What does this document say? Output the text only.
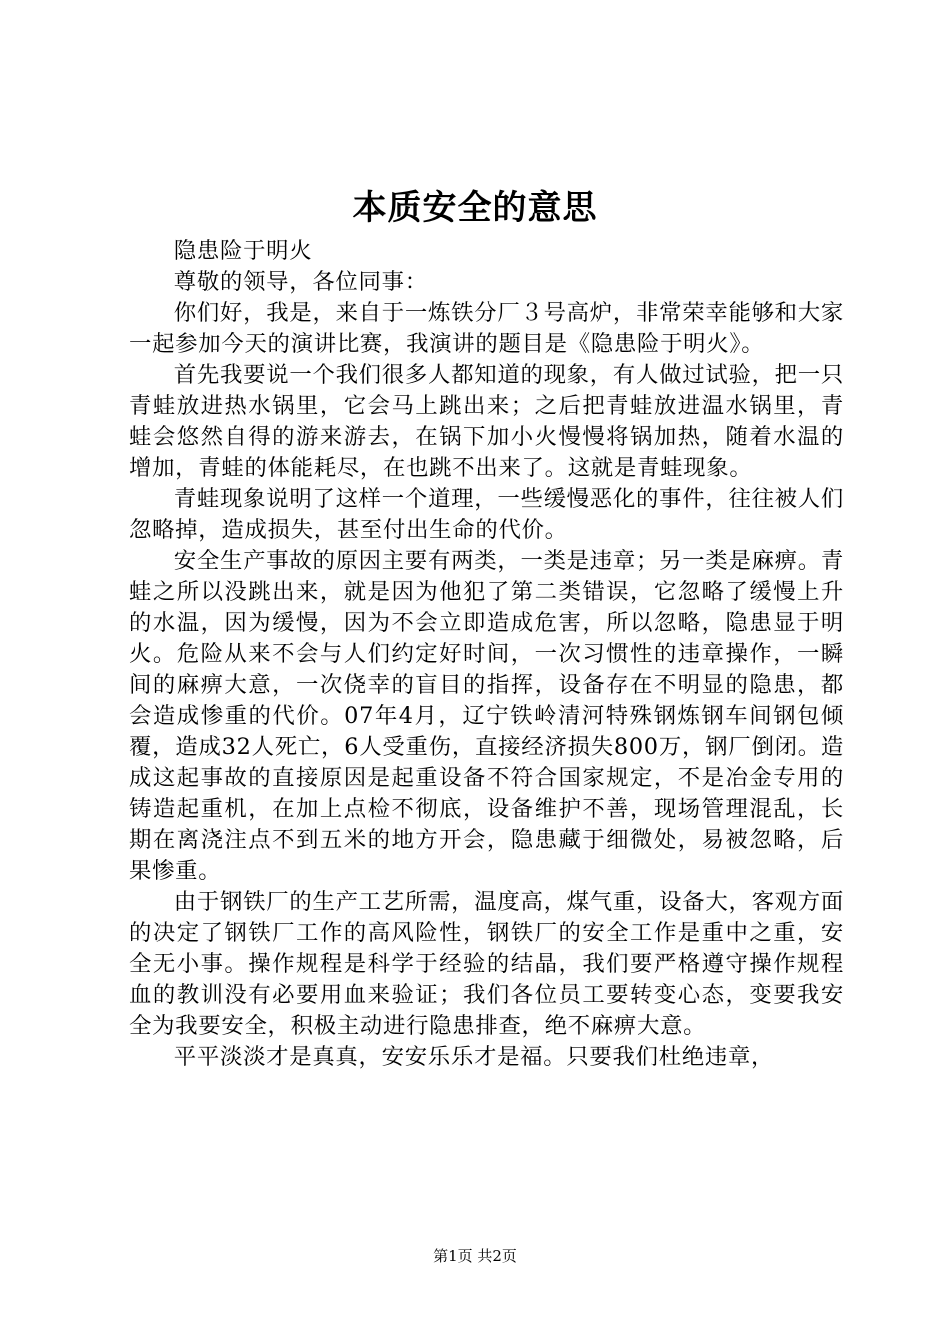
本质安全的意思

隐患险于明火

尊敬的领导，各位同事：

你们好，我是，来自于一炼铁分厂３号高炉，非常荣幸能够和大家一起参加今天的演讲比赛，我演讲的题目是《隐患险于明火》。

首先我要说一个我们很多人都知道的现象，有人做过试验，把一只青蛙放进热水锅里，它会马上跳出来；之后把青蛙放进温水锅里，青蛙会悠然自得的游来游去，在锅下加小火慢慢将锅加热，随着水温的增加，青蛙的体能耗尽，在也跳不出来了。这就是青蛙现象。

青蛙现象说明了这样一个道理，一些缓慢恶化的事件，往往被人们忽略掉，造成损失，甚至付出生命的代价。

安全生产事故的原因主要有两类，一类是违章；另一类是麻痹。青蛙之所以没跳出来，就是因为他犯了第二类错误，它忽略了缓慢上升的水温，因为缓慢，因为不会立即造成危害，所以忽略，隐患显于明火。危险从来不会与人们约定好时间，一次习惯性的违章操作，一瞬间的麻痹大意，一次侥幸的盲目的指挥，设备存在不明显的隐患，都会造成惨重的代价。07年4月，辽宁铁岭清河特殊钢炼钢车间钢包倾覆，造成32人死亡，6人受重伤，直接经济损失800万，钢厂倒闭。造成这起事故的直接原因是起重设备不符合国家规定，不是冶金专用的铸造起重机，在加上点检不彻底，设备维护不善，现场管理混乱，长期在离浇注点不到五米的地方开会，隐患藏于细微处，易被忽略，后果惨重。

由于钢铁厂的生产工艺所需，温度高，煤气重，设备大，客观方面的决定了钢铁厂工作的高风险性，钢铁厂的安全工作是重中之重，安全无小事。操作规程是科学于经验的结晶，我们要严格遵守操作规程血的教训没有必要用血来验证；我们各位员工要转变心态，变要我安全为我要安全，积极主动进行隐患排查，绝不麻痹大意。

平平淡淡才是真真，安安乐乐才是福。只要我们杜绝违章，

第1页 共2页
